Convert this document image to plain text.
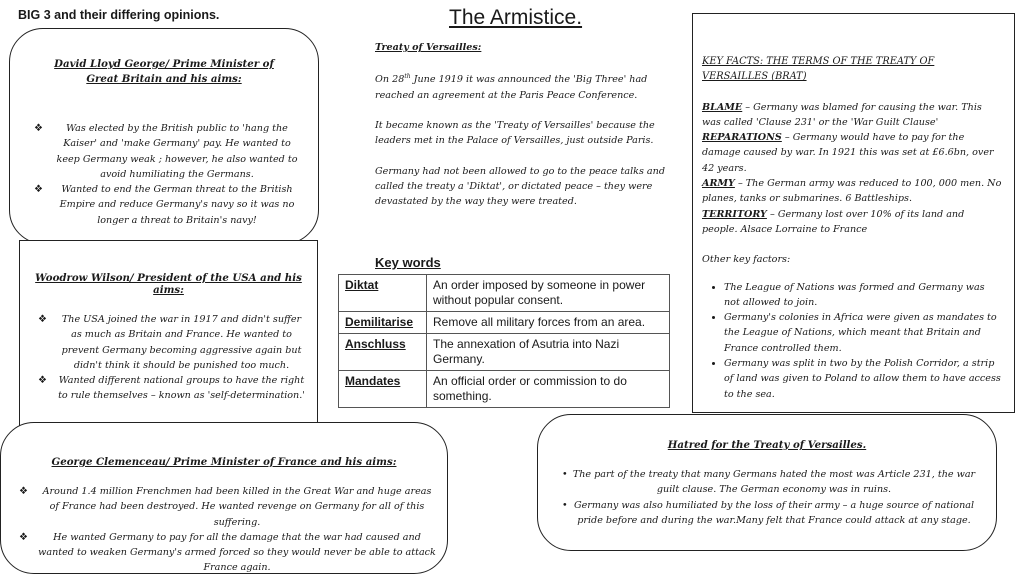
BIG 3 and their differing opinions.	The Armistice.
David Lloyd George/ Prime Minister of Great Britain and his aims:
❖ Was elected by the British public to 'hang the Kaiser' and 'make Germany' pay. He wanted to keep Germany weak ; however, he also wanted to avoid humiliating the Germans.
❖ Wanted to end the German threat to the British Empire and reduce Germany's navy so it was no longer a threat to Britain's navy!
Woodrow Wilson/ President of the USA and his aims:
❖ The USA joined the war in 1917 and didn't suffer as much as Britain and France. He wanted to prevent Germany becoming aggressive again but didn't think it should be punished too much.
❖ Wanted different national groups to have the right to rule themselves – known as 'self-determination.'
George Clemenceau/ Prime Minister of France and his aims:
❖ Around 1.4 million Frenchmen had been killed in the Great War and huge areas of France had been destroyed. He wanted revenge on Germany for all of this suffering.
❖	He wanted Germany to pay for all the damage that the war had caused and wanted to weaken Germany's armed forced so they would never be able to attack France again.
Treaty of Versailles:

On 28th June 1919 it was announced the 'Big Three' had reached an agreement at the Paris Peace Conference.

It became known as the 'Treaty of Versailles' because the leaders met in the Palace of Versailles, just outside Paris.

Germany had not been allowed to go to the peace talks and called the treaty a 'Diktat', or dictated peace – they were devastated by the way they were treated.

Key words
Diktat	An order imposed by someone in power without popular consent.
Demilitarise	Remove all military forces from an area.
Anschluss	The annexation of Asutria into Nazi Germany.
Mandates	An official order or commission to do something.
KEY FACTS: THE TERMS OF THE TREATY OF VERSAILLES (BRAT)
BLAME – Germany was blamed for causing the war. This was called 'Clause 231' or the 'War Guilt Clause'
REPARATIONS – Germany would have to pay for the damage caused by war. In 1921 this was set at £6.6bn, over 42 years.
ARMY – The German army was reduced to 100, 000 men. No planes, tanks or submarines. 6 Battleships.
TERRITORY – Germany lost over 10% of its land and people. Alsace Lorraine to France
Other key factors:
• The League of Nations was formed and Germany was not allowed to join.
• Germany's colonies in Africa were given as mandates to the League of Nations, which meant that Britain and France controlled them.
• Germany was split in two by the Polish Corridor, a strip of land was given to Poland to allow them to have access to the sea.
Hatred for the Treaty of Versailles.
• The part of the treaty that many Germans hated the most was Article 231, the war guilt clause. The German economy was in ruins.
• Germany was also humiliated by the loss of their army – a huge source of national pride before and during the war.Many felt that France could attack at any stage.
